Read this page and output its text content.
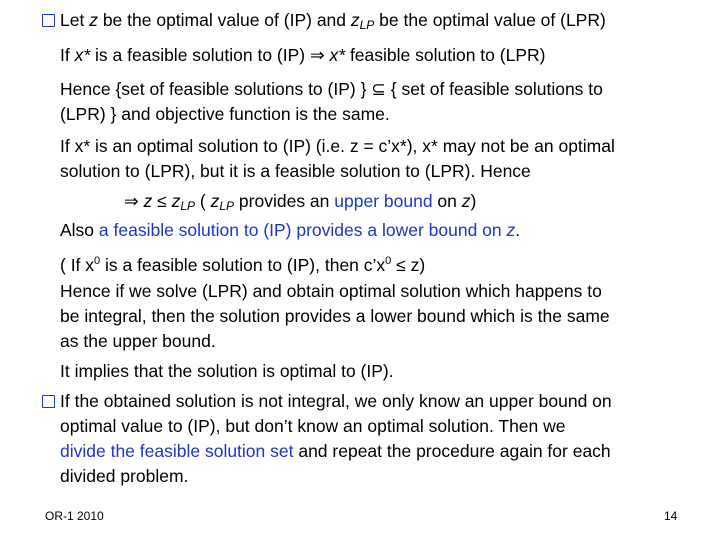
Let z be the optimal value of (IP) and $z_{LP}$ be the optimal value of (LPR)
If x* is a feasible solution to (IP) ⇒ x* feasible solution to (LPR)
Hence {set of feasible solutions to (IP) } ⊆ { set of feasible solutions to
(LPR) } and objective function is the same.
If x* is an optimal solution to (IP) (i.e. z = c’x*), x* may not be an optimal
solution to (LPR), but it is a feasible solution to (LPR). Hence
⇒ $z \le z_{LP}$ ( $z_{LP}$ provides an upper bound on z)
Also a feasible solution to (IP) provides a lower bound on z.
( If $x^0$ is a feasible solution to (IP), then $c’x^0 \le z$)
Hence if we solve (LPR) and obtain optimal solution which happens to
be integral, then the solution provides a lower bound which is the same
as the upper bound.
It implies that the solution is optimal to (IP).
If the obtained solution is not integral, we only know an upper bound on
optimal value to (IP), but don’t know an optimal solution. Then we
divide the feasible solution set and repeat the procedure again for each
divided problem.
OR-1 2010	14
